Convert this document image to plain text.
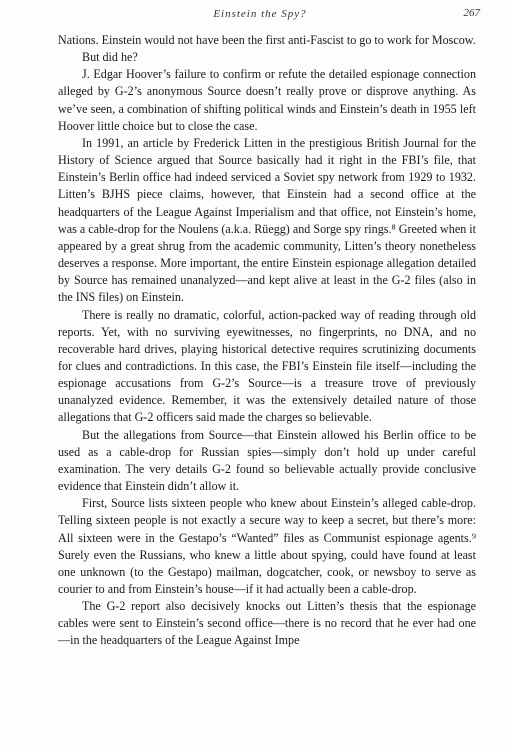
Einstein the Spy?	267

Nations. Einstein would not have been the first anti-Fascist to go to work for Moscow.

But did he?

J. Edgar Hoover’s failure to confirm or refute the detailed espionage connection alleged by G-2’s anonymous Source doesn’t really prove or disprove anything. As we’ve seen, a combination of shifting political winds and Einstein’s death in 1955 left Hoover little choice but to close the case.

In 1991, an article by Frederick Litten in the prestigious British Journal for the History of Science argued that Source basically had it right in the FBI’s file, that Einstein’s Berlin office had indeed serviced a Soviet spy network from 1929 to 1932. Litten’s BJHS piece claims, however, that Einstein had a second office at the headquarters of the League Against Imperialism and that office, not Einstein’s home, was a cable-drop for the Noulens (a.k.a. Rüegg) and Sorge spy rings.⁸ Greeted when it appeared by a great shrug from the academic community, Litten’s theory nonetheless deserves a response. More important, the entire Einstein espionage allegation detailed by Source has remained unanalyzed—and kept alive at least in the G-2 files (also in the INS files) on Einstein.

There is really no dramatic, colorful, action-packed way of reading through old reports. Yet, with no surviving eyewitnesses, no fingerprints, no DNA, and no recoverable hard drives, playing historical detective requires scrutinizing documents for clues and contradictions. In this case, the FBI’s Einstein file itself—including the espionage accusations from G-2’s Source—is a treasure trove of previously unanalyzed evidence. Remember, it was the extensively detailed nature of those allegations that G-2 officers said made the charges so believable.

But the allegations from Source—that Einstein allowed his Berlin office to be used as a cable-drop for Russian spies—simply don’t hold up under careful examination. The very details G-2 found so believable actually provide conclusive evidence that Einstein didn’t allow it.

First, Source lists sixteen people who knew about Einstein’s alleged cable-drop. Telling sixteen people is not exactly a secure way to keep a secret, but there’s more: All sixteen were in the Gestapo’s “Wanted” files as Communist espionage agents.⁹ Surely even the Russians, who knew a little about spying, could have found at least one unknown (to the Gestapo) mailman, dogcatcher, cook, or newsboy to serve as courier to and from Einstein’s house—if it had actually been a cable-drop.

The G-2 report also decisively knocks out Litten’s thesis that the espionage cables were sent to Einstein’s second office—there is no record that he ever had one—in the headquarters of the League Against Impe
